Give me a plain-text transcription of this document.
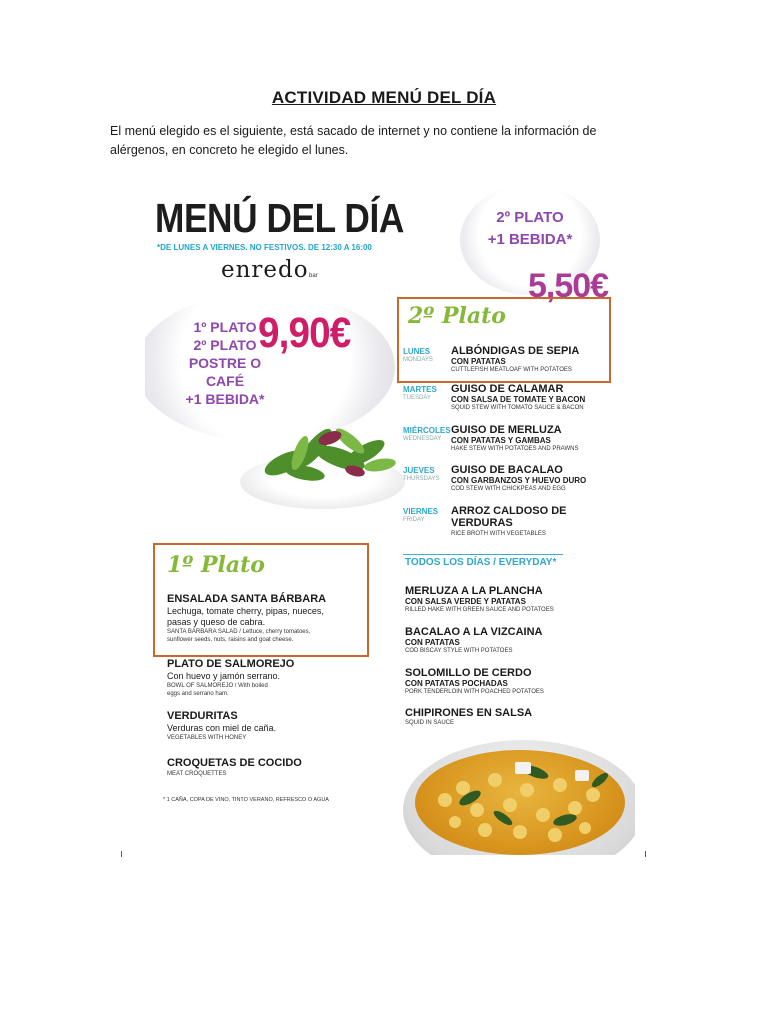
ACTIVIDAD MENÚ DEL DÍA
El menú elegido es el siguiente, está sacado de internet y no contiene la información de
alérgenos, en concreto he elegido el lunes.
MENÚ DEL DÍA
*DE LUNES A VIERNES. NO FESTIVOS. DE 12:30 A 16:00
enredo bar
1º PLATO
2º PLATO
POSTRE O CAFÉ
+1 BEBIDA*
9,90€
2º PLATO
+1 BEBIDA*
5,50€
2º Plato
LUNES
MONDAYS
ALBÓNDIGAS DE SEPIA
CON PATATAS
CUTTLEFISH MEATLOAF WITH POTATOES
MARTES
TUESDAY
GUISO DE CALAMAR
CON SALSA DE TOMATE Y BACON
SQUID STEW WITH TOMATO SAUCE & BACON
MIÉRCOLES
WEDNESDAY
GUISO DE MERLUZA
CON PATATAS Y GAMBAS
HAKE STEW WITH POTATOES AND PRAWNS
JUEVES
THURSDAYS
GUISO DE BACALAO
CON GARBANZOS Y HUEVO DURO
COD STEW WITH CHICKPEAS AND EGG
VIERNES
FRIDAY
ARROZ CALDOSO DE
VERDURAS
RICE BROTH WITH VEGETABLES
TODOS LOS DÍAS / EVERYDAY*
MERLUZA A LA PLANCHA
CON SALSA VERDE Y PATATAS
RILLED HAKE WITH GREEN SAUCE AND POTATOES
BACALAO A LA VIZCAINA
CON PATATAS
COD BISCAY STYLE WITH POTATOES
SOLOMILLO DE CERDO
CON PATATAS POCHADAS
PORK TENDERLOIN WITH POACHED POTATOES
CHIPIRONES EN SALSA
SQUID IN SAUCE
1º Plato
ENSALADA SANTA BÁRBARA
Lechuga, tomate cherry, pipas, nueces,
pasas y queso de cabra.
SANTA BÁRBARA SALAD / Lettuce, cherry tomatoes,
sunflower seeds, nuts, raisins and goat cheese.
PLATO DE SALMOREJO
Con huevo y jamón serrano.
BOWL OF SALMOREJO / With boiled
eggs and serrano ham.
VERDURITAS
Verduras con miel de caña.
VEGETABLES WITH HONEY
CROQUETAS DE COCIDO
MEAT CROQUETTES
* 1 CAÑA, COPA DE VINO, TINTO VERANO, REFRESCO O AGUA
